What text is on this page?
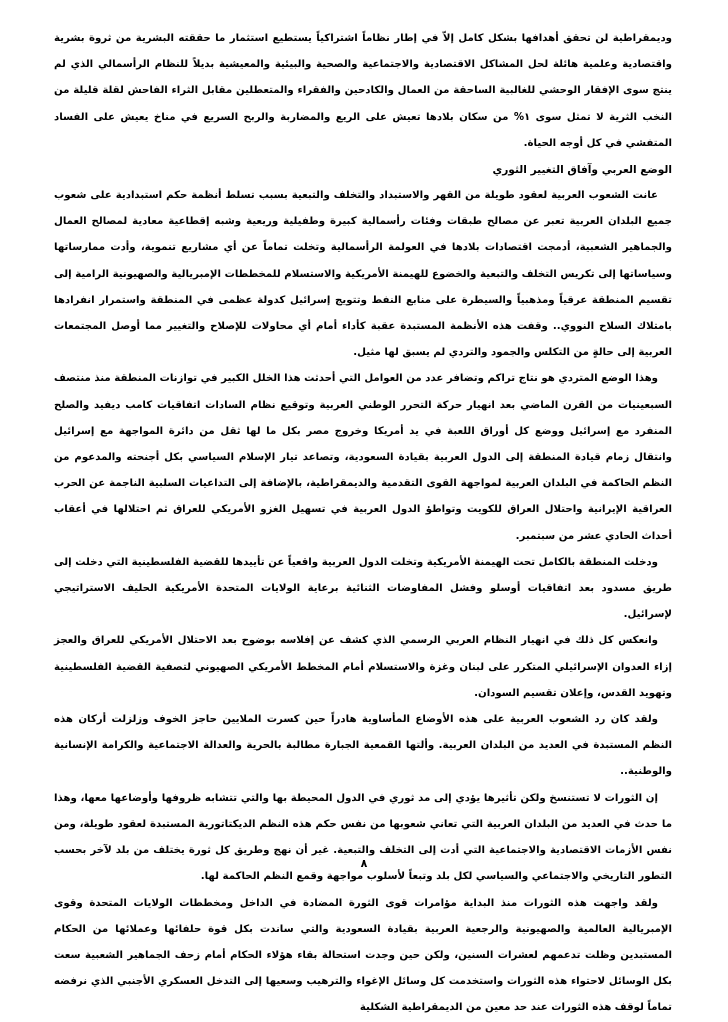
وديمقراطية لن تحقق أهدافها بشكل كامل إلاّ في إطار نظاماً اشتراكياً يستطيع استثمار ما حققته البشرية من ثروة بشرية واقتصادية وعلمية هائلة لحل المشاكل الاقتصادية والاجتماعية والصحية والبيئية والمعيشية بديلاً للنظام الرأسمالي الذي لم ينتج سوى الإفقار الوحشي للغالبية الساحقة من العمال والكادحين والفقراء والمتعطلين مقابل الثراء الفاحش لقلة قليلة من النخب الثرية لا تمثل سوى ١% من سكان بلادها تعيش على الريع والمضاربة والربح السريع في مناخ يعيش على الفساد المتفشي في كل أوجه الحياة.

الوضع العربي وآفاق التغيير الثوري

عانت الشعوب العربية لعقود طويلة من القهر والاستبداد والتخلف والتبعية بسبب تسلط أنظمة حكم استبدادية على شعوب جميع البلدان العربية تعبر عن مصالح طبقات وفئات رأسمالية كبيرة وطفيلية وريعية وشبه إقطاعية معادية لمصالح العمال والجماهير الشعبية، أدمجت اقتصادات بلادها في العولمة الرأسمالية وتخلت تماماً عن أي مشاريع تنموية، وأدت ممارساتها وسياساتها إلى تكريس التخلف والتبعية والخضوع للهيمنة الأمريكية والاستسلام للمخططات الإمبريالية والصهيونية الرامية إلى تقسيم المنطقة عرقياً ومذهبياً والسيطرة على منابع النفط وتتويج إسرائيل كدولة عظمى في المنطقة واستمرار انفرادها بامتلاك السلاح النووي.. وقفت هذه الأنظمة المستبدة عقبة كأداء أمام أي محاولات للإصلاح والتغيير مما أوصل المجتمعات العربية إلى حالةٍ من التكلس والجمود والتردي لم يسبق لها مثيل.

وهذا الوضع المتردي هو نتاج تراكم وتضافر عدد من العوامل التي أحدثت هذا الخلل الكبير في توازنات المنطقة منذ منتصف السبعينيات من القرن الماضي بعد انهيار حركة التحرر الوطني العربية وتوقيع نظام السادات اتفاقيات كامب ديفيد والصلح المنفرد مع إسرائيل ووضع كل أوراق اللعبة في يد أمريكا وخروج مصر بكل ما لها ثقل من دائرة المواجهة مع إسرائيل وانتقال زمام قيادة المنطقة إلى الدول العربية بقيادة السعودية، وتصاعد تيار الإسلام السياسي بكل أجنحته والمدعوم من النظم الحاكمة في البلدان العربية لمواجهة القوى التقدمية والديمقراطية، بالإضافة إلى التداعيات السلبية الناجمة عن الحرب العراقية الإيرانية واحتلال العراق للكويت وتواطؤ الدول العربية في تسهيل الغزو الأمريكي للعراق ثم احتلالها في أعقاب أحداث الحادي عشر من سبتمبر.

ودخلت المنطقة بالكامل تحت الهيمنة الأمريكية وتخلت الدول العربية واقعياً عن تأييدها للقضية الفلسطينية التي دخلت إلى طريق مسدود بعد اتفاقيات أوسلو وفشل المفاوضات الثنائية برعاية الولايات المتحدة الأمريكية الحليف الاستراتيجي لإسرائيل.

وانعكس كل ذلك في انهيار النظام العربي الرسمي الذي كشف عن إفلاسه بوضوح بعد الاحتلال الأمريكي للعراق والعجز إزاء العدوان الإسرائيلي المتكرر على لبنان وغزة والاستسلام أمام المخطط الأمريكي الصهيوني لتصفية القضية الفلسطينية وتهويد القدس، وإعلان تقسيم السودان.

ولقد كان رد الشعوب العربية على هذه الأوضاع المأساوية هادراً حين كسرت الملايين حاجز الخوف وزلزلت أركان هذه النظم المستبدة في العديد من البلدان العربية. وألتها القمعية الجبارة مطالبة بالحرية والعدالة الاجتماعية والكرامة الإنسانية والوطنية..

إن الثورات لا تستنسخ ولكن تأثيرها يؤدي إلى مد ثوري في الدول المحيطة بها والتي تتشابه ظروفها وأوضاعها معها، وهذا ما حدث في العديد من البلدان العربية التي تعاني شعوبها من نفس حكم هذه النظم الديكتاتورية المستبدة لعقود طويلة، ومن نفس الأزمات الاقتصادية والاجتماعية التي أدت إلى التخلف والتبعية. غير أن نهج وطريق كل ثورة يختلف من بلد لآخر بحسب التطور التاريخي والاجتماعي والسياسي لكل بلد وتبعاً لأسلوب مواجهة وقمع النظم الحاكمة لها.

ولقد واجهت هذه الثورات منذ البداية مؤامرات قوى الثورة المضادة في الداخل ومخططات الولايات المتحدة وقوى الإمبريالية العالمية والصهيونية والرجعية العربية بقيادة السعودية والتي ساندت بكل قوة حلفائها وعملائها من الحكام المستبدين وظلت تدعمهم لعشرات السنين، ولكن حين وجدت استحالة بقاء هؤلاء الحكام أمام زحف الجماهير الشعبية سعت بكل الوسائل لاحتواء هذه الثورات واستخدمت كل وسائل الإغواء والترهيب وسعيها إلى التدخل العسكري الأجنبي الذي نرفضه تماماً لوقف هذه الثورات عند حد معين من الديمقراطية الشكلية

٨
